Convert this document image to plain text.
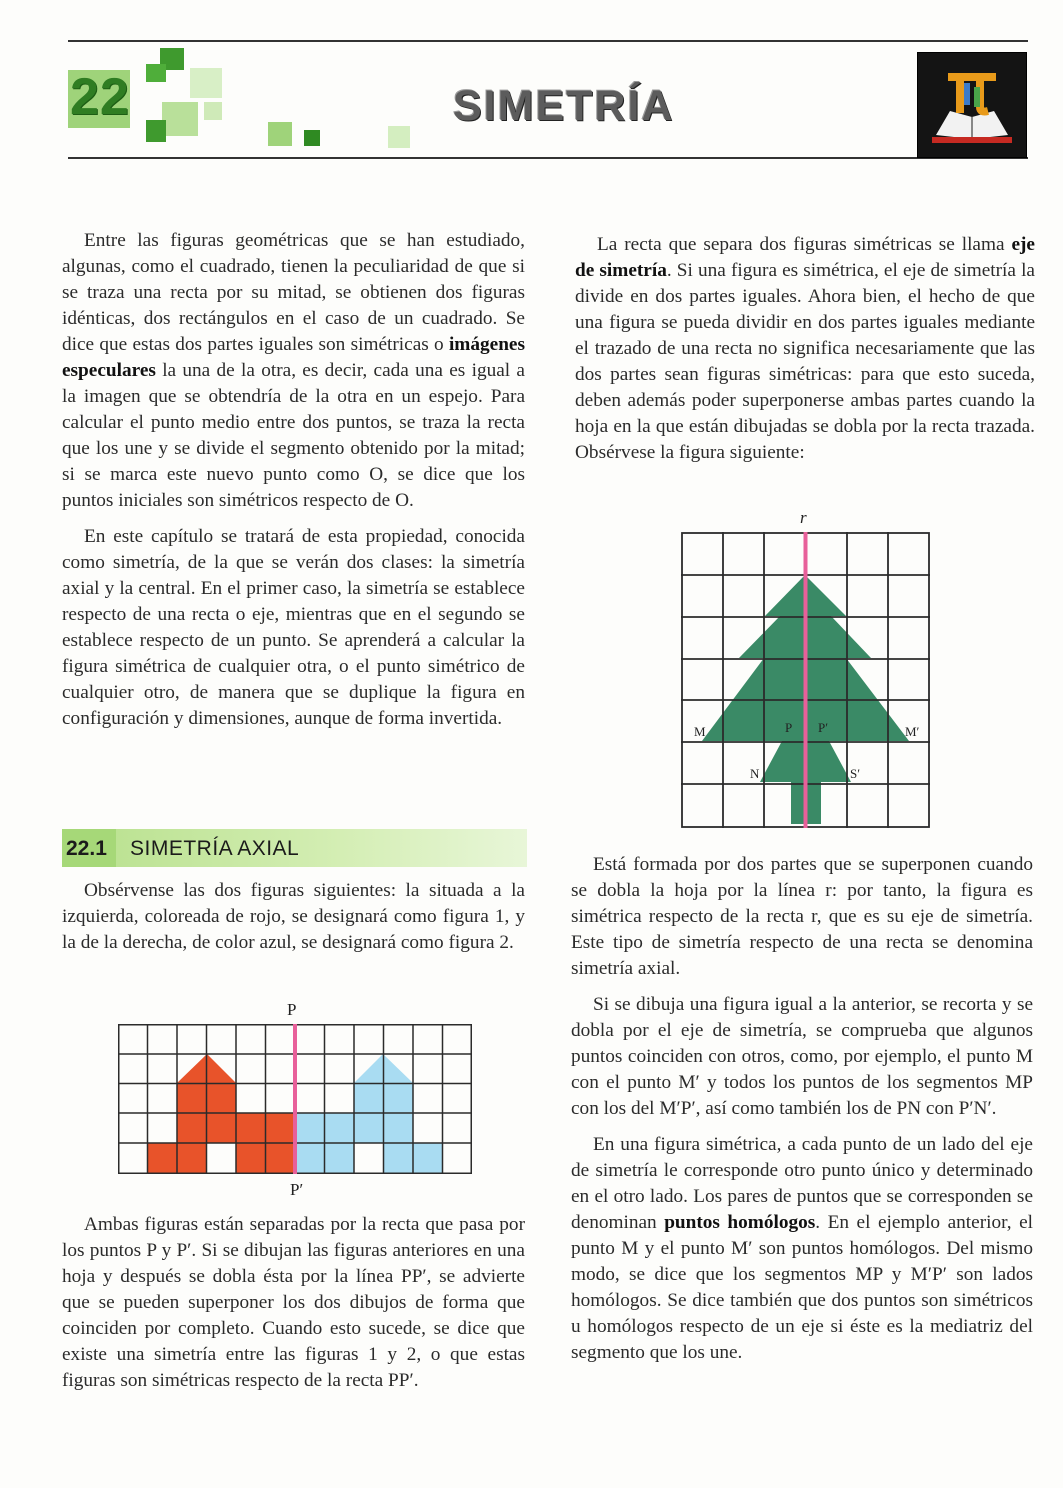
22	SIMETRÍA

Entre las figuras geométricas que se han estudiado, algunas, como el cuadrado, tienen la peculiaridad de que si se traza una recta por su mitad, se obtienen dos figuras idénticas, dos rectángulos en el caso de un cuadrado. Se dice que estas dos partes iguales son simétricas o imágenes especulares la una de la otra, es decir, cada una es igual a la imagen que se obtendría de la otra en un espejo. Para calcular el punto medio entre dos puntos, se traza la recta que los une y se divide el segmento obtenido por la mitad; si se marca este nuevo punto como O, se dice que los puntos iniciales son simétricos respecto de O.

En este capítulo se tratará de esta propiedad, conocida como simetría, de la que se verán dos clases: la simetría axial y la central. En el primer caso, la simetría se establece respecto de una recta o eje, mientras que en el segundo se establece respecto de un punto. Se aprenderá a calcular la figura simétrica de cualquier otra, o el punto simétrico de cualquier otro, de manera que se duplique la figura en configuración y dimensiones, aunque de forma invertida.

22.1	SIMETRÍA AXIAL

Obsérvense las dos figuras siguientes: la situada a la izquierda, coloreada de rojo, se designará como figura 1, y la de la derecha, de color azul, se designará como figura 2.

P
P′

Ambas figuras están separadas por la recta que pasa por los puntos P y P′. Si se dibujan las figuras anteriores en una hoja y después se dobla ésta por la línea PP′, se advierte que se pueden superponer los dos dibujos de forma que coinciden por completo. Cuando esto sucede, se dice que existe una simetría entre las figuras 1 y 2, o que estas figuras son simétricas respecto de la recta PP′.

La recta que separa dos figuras simétricas se llama eje de simetría. Si una figura es simétrica, el eje de simetría la divide en dos partes iguales. Ahora bien, el hecho de que una figura se pueda dividir en dos partes iguales mediante el trazado de una recta no significa necesariamente que las dos partes sean figuras simétricas: para que esto suceda, deben además poder superponerse ambas partes cuando la hoja en la que están dibujadas se dobla por la recta trazada. Obsérvese la figura siguiente:

r
M	P P′	M′
N	S′

Está formada por dos partes que se superponen cuando se dobla la hoja por la línea r: por tanto, la figura es simétrica respecto de la recta r, que es su eje de simetría. Este tipo de simetría respecto de una recta se denomina simetría axial.

Si se dibuja una figura igual a la anterior, se recorta y se dobla por el eje de simetría, se comprueba que algunos puntos coinciden con otros, como, por ejemplo, el punto M con el punto M′ y todos los puntos de los segmentos MP con los del M′P′, así como también los de PN con P′N′.

En una figura simétrica, a cada punto de un lado del eje de simetría le corresponde otro punto único y determinado en el otro lado. Los pares de puntos que se corresponden se denominan puntos homólogos. En el ejemplo anterior, el punto M y el punto M′ son puntos homólogos. Del mismo modo, se dice que los segmentos MP y M′P′ son lados homólogos. Se dice también que dos puntos son simétricos u homólogos respecto de un eje si éste es la mediatriz del segmento que los une.
